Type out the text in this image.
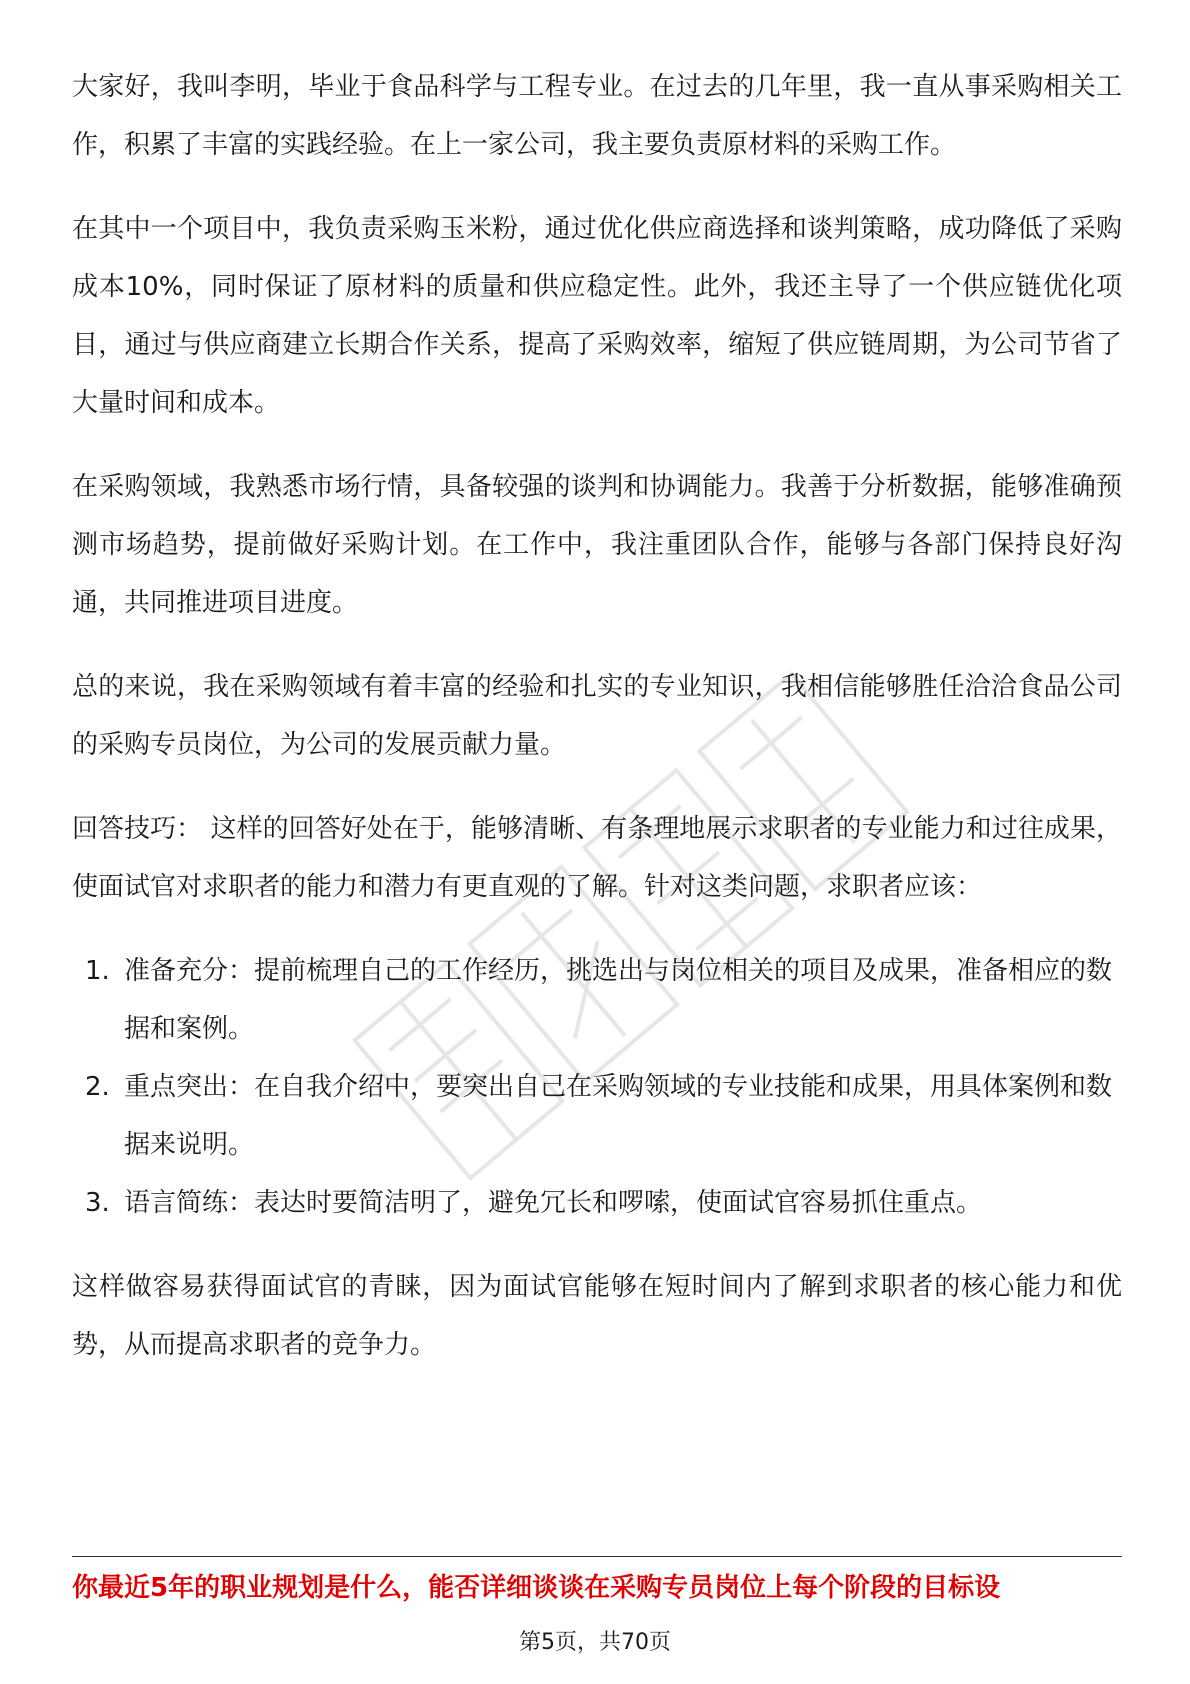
大家好，我叫李明，毕业于食品科学与工程专业。在过去的几年里，我一直从事采购相关工作，积累了丰富的实践经验。在上一家公司，我主要负责原材料的采购工作。

在其中一个项目中，我负责采购玉米粉，通过优化供应商选择和谈判策略，成功降低了采购成本10%，同时保证了原材料的质量和供应稳定性。此外，我还主导了一个供应链优化项目，通过与供应商建立长期合作关系，提高了采购效率，缩短了供应链周期，为公司节省了大量时间和成本。

在采购领域，我熟悉市场行情，具备较强的谈判和协调能力。我善于分析数据，能够准确预测市场趋势，提前做好采购计划。在工作中，我注重团队合作，能够与各部门保持良好沟通，共同推进项目进度。

总的来说，我在采购领域有着丰富的经验和扎实的专业知识，我相信能够胜任洽洽食品公司的采购专员岗位，为公司的发展贡献力量。

回答技巧： 这样的回答好处在于，能够清晰、有条理地展示求职者的专业能力和过往成果，使面试官对求职者的能力和潜力有更直观的了解。针对这类问题，求职者应该：

1. 准备充分：提前梳理自己的工作经历，挑选出与岗位相关的项目及成果，准备相应的数据和案例。
2. 重点突出：在自我介绍中，要突出自己在采购领域的专业技能和成果，用具体案例和数据来说明。
3. 语言简练：表达时要简洁明了，避免冗长和啰嗦，使面试官容易抓住重点。

这样做容易获得面试官的青睐，因为面试官能够在短时间内了解到求职者的核心能力和优势，从而提高求职者的竞争力。

你最近5年的职业规划是什么，能否详细谈谈在采购专员岗位上每个阶段的目标设
第5页，共70页
